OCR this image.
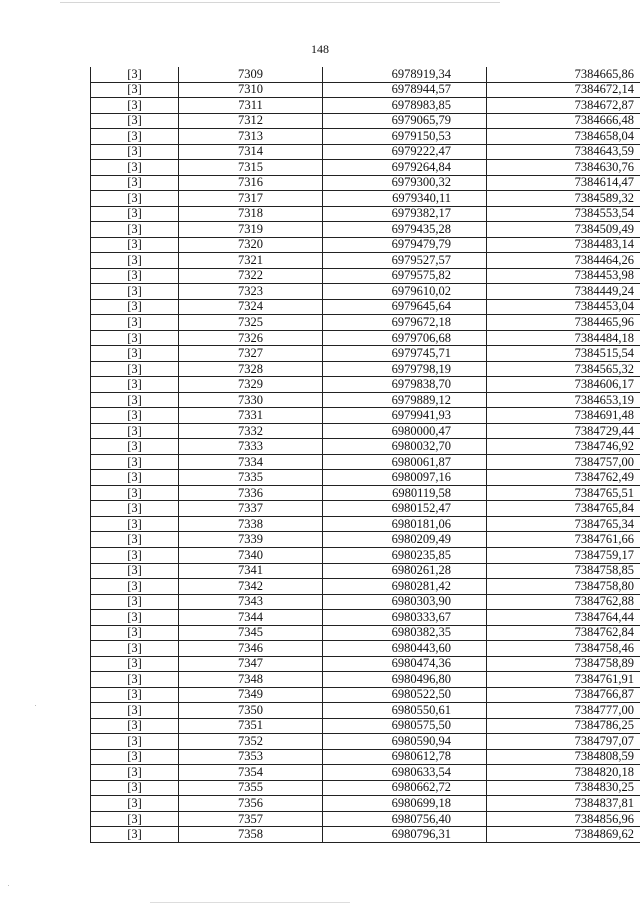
148
[3]	7309	6978919,34	7384665,86
[3]	7310	6978944,57	7384672,14
[3]	7311	6978983,85	7384672,87
[3]	7312	6979065,79	7384666,48
[3]	7313	6979150,53	7384658,04
[3]	7314	6979222,47	7384643,59
[3]	7315	6979264,84	7384630,76
[3]	7316	6979300,32	7384614,47
[3]	7317	6979340,11	7384589,32
[3]	7318	6979382,17	7384553,54
[3]	7319	6979435,28	7384509,49
[3]	7320	6979479,79	7384483,14
[3]	7321	6979527,57	7384464,26
[3]	7322	6979575,82	7384453,98
[3]	7323	6979610,02	7384449,24
[3]	7324	6979645,64	7384453,04
[3]	7325	6979672,18	7384465,96
[3]	7326	6979706,68	7384484,18
[3]	7327	6979745,71	7384515,54
[3]	7328	6979798,19	7384565,32
[3]	7329	6979838,70	7384606,17
[3]	7330	6979889,12	7384653,19
[3]	7331	6979941,93	7384691,48
[3]	7332	6980000,47	7384729,44
[3]	7333	6980032,70	7384746,92
[3]	7334	6980061,87	7384757,00
[3]	7335	6980097,16	7384762,49
[3]	7336	6980119,58	7384765,51
[3]	7337	6980152,47	7384765,84
[3]	7338	6980181,06	7384765,34
[3]	7339	6980209,49	7384761,66
[3]	7340	6980235,85	7384759,17
[3]	7341	6980261,28	7384758,85
[3]	7342	6980281,42	7384758,80
[3]	7343	6980303,90	7384762,88
[3]	7344	6980333,67	7384764,44
[3]	7345	6980382,35	7384762,84
[3]	7346	6980443,60	7384758,46
[3]	7347	6980474,36	7384758,89
[3]	7348	6980496,80	7384761,91
[3]	7349	6980522,50	7384766,87
[3]	7350	6980550,61	7384777,00
[3]	7351	6980575,50	7384786,25
[3]	7352	6980590,94	7384797,07
[3]	7353	6980612,78	7384808,59
[3]	7354	6980633,54	7384820,18
[3]	7355	6980662,72	7384830,25
[3]	7356	6980699,18	7384837,81
[3]	7357	6980756,40	7384856,96
[3]	7358	6980796,31	7384869,62
